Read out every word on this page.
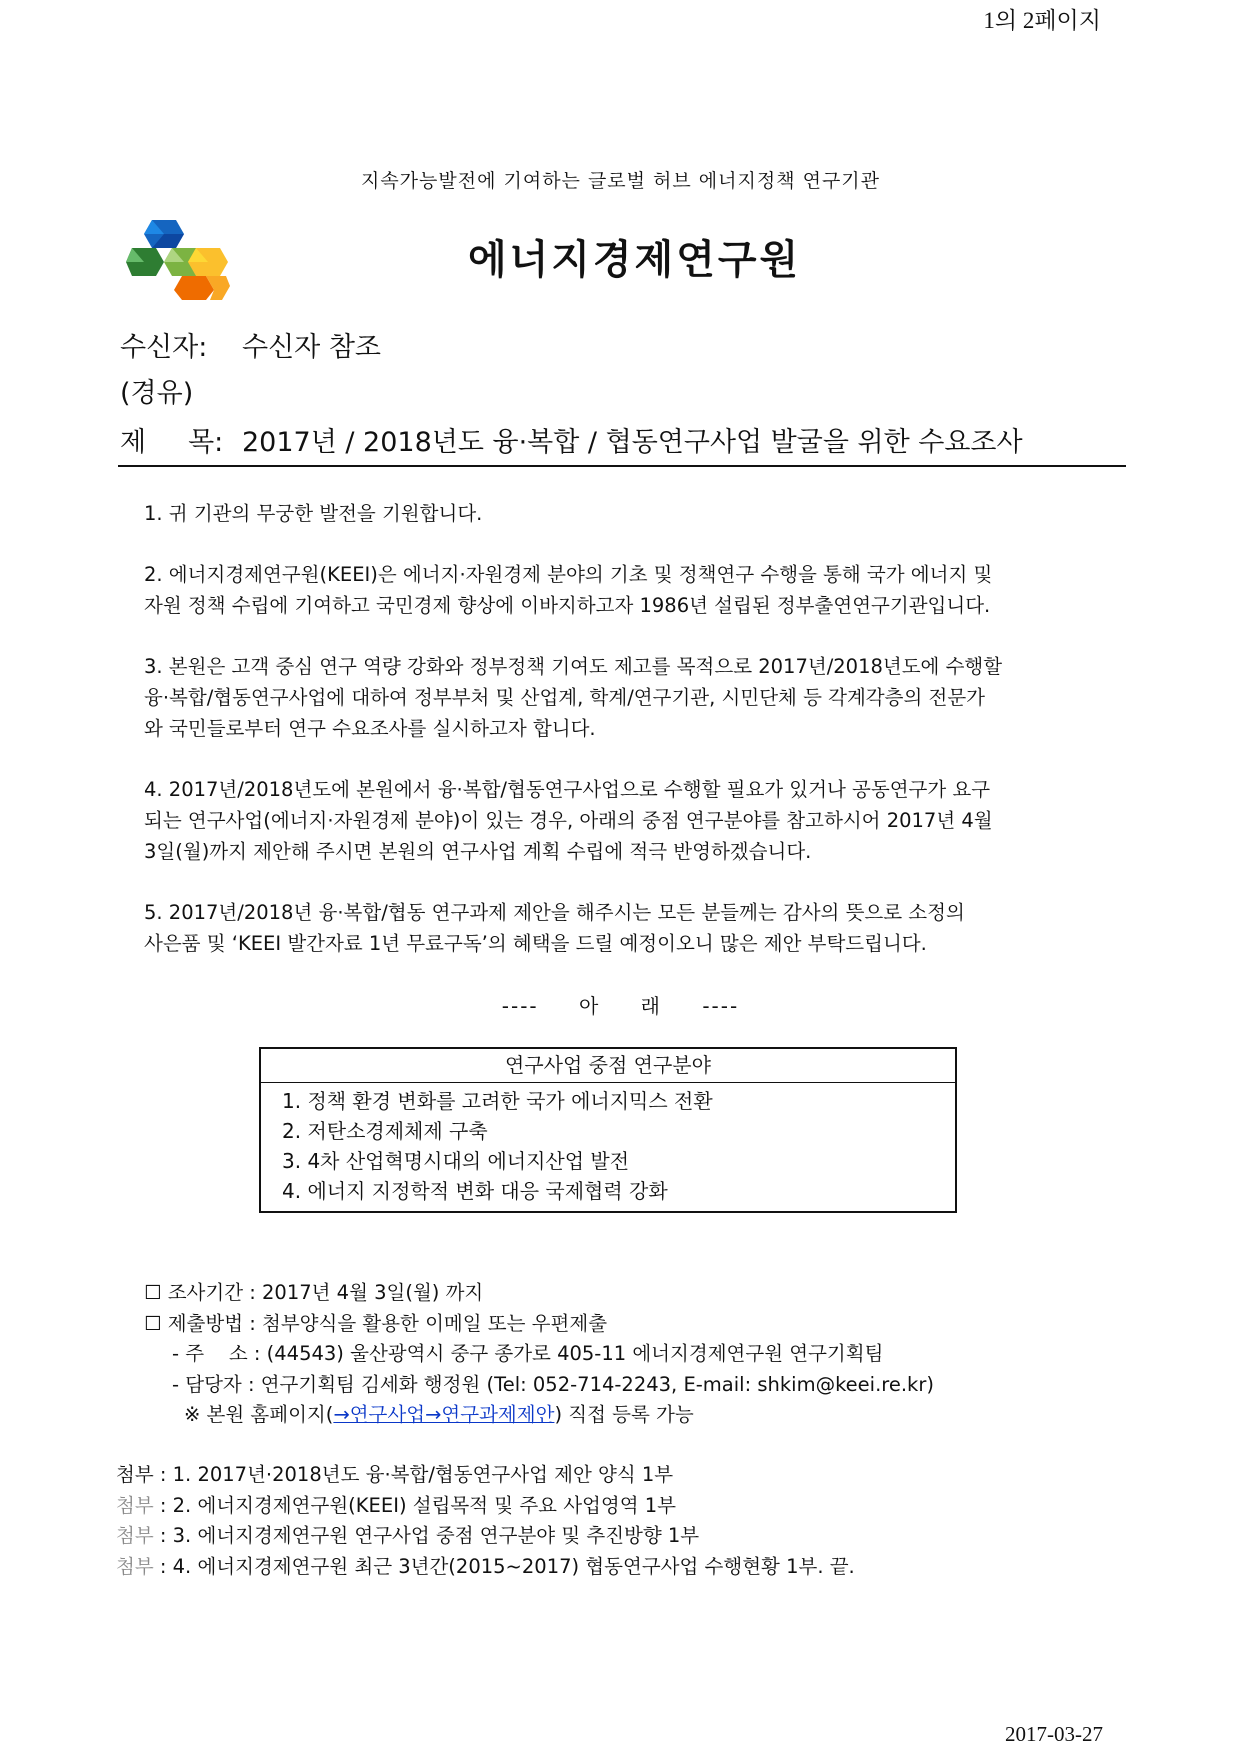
1의 2페이지
지속가능발전에 기여하는 글로벌 허브 에너지정책 연구기관
에너지경제연구원
수신자: 수신자 참조
(경유)
제 목: 2017년 / 2018년도 융·복합 / 협동연구사업 발굴을 위한 수요조사

1. 귀 기관의 무궁한 발전을 기원합니다.

2. 에너지경제연구원(KEEI)은 에너지·자원경제 분야의 기초 및 정책연구 수행을 통해 국가 에너지 및
자원 정책 수립에 기여하고 국민경제 향상에 이바지하고자 1986년 설립된 정부출연연구기관입니다.

3. 본원은 고객 중심 연구 역량 강화와 정부정책 기여도 제고를 목적으로 2017년/2018년도에 수행할
융·복합/협동연구사업에 대하여 정부부처 및 산업계, 학계/연구기관, 시민단체 등 각계각층의 전문가
와 국민들로부터 연구 수요조사를 실시하고자 합니다.

4. 2017년/2018년도에 본원에서 융·복합/협동연구사업으로 수행할 필요가 있거나 공동연구가 요구
되는 연구사업(에너지·자원경제 분야)이 있는 경우, 아래의 중점 연구분야를 참고하시어 2017년 4월
3일(월)까지 제안해 주시면 본원의 연구사업 계획 수립에 적극 반영하겠습니다.

5. 2017년/2018년 융·복합/협동 연구과제 제안을 해주시는 모든 분들께는 감사의 뜻으로 소정의
사은품 및 ‘KEEI 발간자료 1년 무료구독’의 혜택을 드릴 예정이오니 많은 제안 부탁드립니다.

---- 아 래 ----
연구사업 중점 연구분야
1. 정책 환경 변화를 고려한 국가 에너지믹스 전환
2. 저탄소경제체제 구축
3. 4차 산업혁명시대의 에너지산업 발전
4. 에너지 지정학적 변화 대응 국제협력 강화
☐ 조사기간 : 2017년 4월 3일(월) 까지
☐ 제출방법 : 첨부양식을 활용한 이메일 또는 우편제출
- 주    소 : (44543) 울산광역시 중구 종가로 405-11 에너지경제연구원 연구기획팀
- 담당자 : 연구기획팀 김세화 행정원 (Tel: 052-714-2243, E-mail: shkim@keei.re.kr)
※ 본원 홈페이지(→연구사업→연구과제제안) 직접 등록 가능
첨부 : 1. 2017년·2018년도 융·복합/협동연구사업 제안 양식 1부
첨부 : 2. 에너지경제연구원(KEEI) 설립목적 및 주요 사업영역 1부
첨부 : 3. 에너지경제연구원 연구사업 중점 연구분야 및 추진방향 1부
첨부 : 4. 에너지경제연구원 최근 3년간(2015~2017) 협동연구사업 수행현황 1부. 끝.
2017-03-27
